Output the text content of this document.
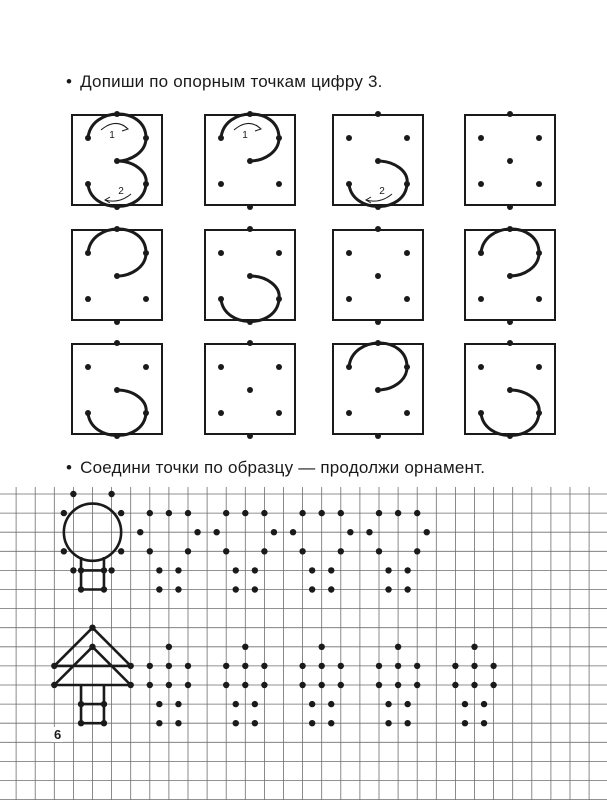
• Допиши по опорным точкам цифру 3.
1
2
1
2
• Соедини точки по образцу — продолжи орнамент.
6
